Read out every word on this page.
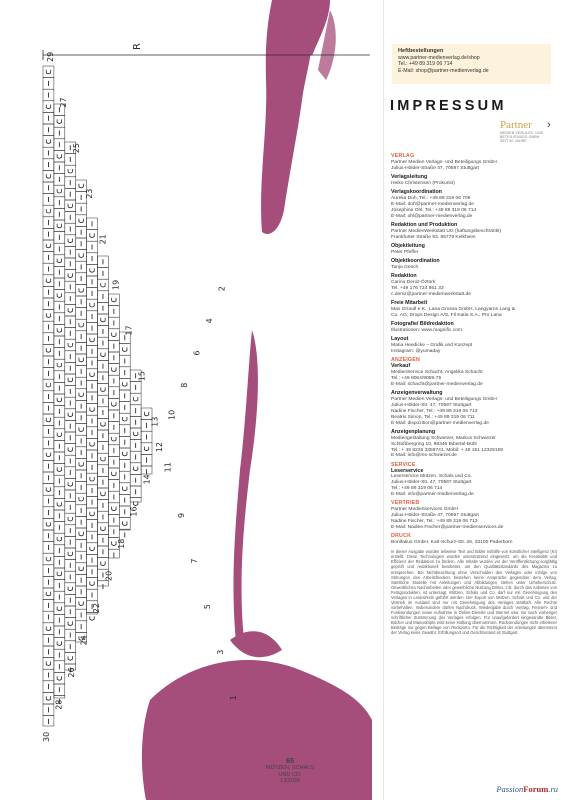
R
29
27
25
23
21
19
17
15
13
11
9
7
5
3
1
30
28
26
24
22
20
18
16
14
12
10
8
6
4
2
Heftbestellungen
www.partner-medienverlag.de/shop
Tel.: +49 89 319 06 714
E-Mail: shop@partner-medienverlag.de
IMPRESSUM
Partner	›
MEDIEN VERLAGS- UND
BETEILIGUNGS GMBH
SEIT 30 JAHRE
VERLAG
Partner Medien Verlags- und Beteiligungs GmbH
Julius-Hölder-Straße 47, 70597 Stuttgart
Verlagsleitung
Heiko Christensen (Prokurist)
Verlagskoordination
Aurelia Doh, Tel.: +49 89 319 06 706
E-Mail: doh@partner-medienverlag.de
Josephine Ohl, Tel.: +49 89 319 06 714
E-Mail: ohl@partner-medienverlag.de
Redaktion und Produktion
Partner MedienWerkstatt UG (haftungsbeschränkt)
Frankfurter Straße 93, 65779 Kelkheim
Objektleitung
Peter Pfeffer
Objektkoordination
Tanja Gesch
Redaktion
Carinu Deniz-Öztürk
Tel. +49 176 724 861 33
c.deniz@partner-medienwerkstatt.de
Freie Mitarbeit
Max Gründl e.K., Lana Grossa GmbH, Langyarns Lang &
Co. AG, Drops Design A/S, Fil Katia S.A., Pro Lana
Fotografie/ Bildredaktion
Illustrationen: www.magnific.com
Layout
Maria Heedicke – Grafik und Konzept
Instagram: @yumaday
ANZEIGEN
Verkauf
MedienService Schacht, Angelika Schacht
Tel.: +49 8064/9059-75
E-Mail: schacht@partner-medienverlag.de
Anzeigenverwaltung
Partner Medien Verlags- und Beteiligungs GmbH
Julius-Hölder-Str. 47, 70597 Stuttgart
Nadine Fischer, Tel.: +49 89 319 06 713
Beatrix Simon, Tel.: +49 89 319 06 711
E-Mail: dispozition@partner-medienverlag.de
Anzeigenplanung
Mediengestaltung Schwiezer, Markus Schwiezer
Schloßbergring 10, 89346 Bibertal-Bühl
Tel.: + 49 8226 3359741, Mobil: + 49 151 12329159
E-Mail: info@ms-schwiezer.de
SERVICE
Leserservice
Leserservice Mützen, Schals und Co.
Julius-Hölder-Str. 47, 70597 Stuttgart
Tel.: +49 89 319 06 714
E-Mail: info@partner-medienverlag.de
VERTRIEB
Partner Medienservices GmbH
Julius-Hölder-Straße 47, 70597 Stuttgart
Nadine Fischer, Tel.: +49 89 319 06 713
E-Mail: Nadine.Fischer@partner-medienservices.de
DRUCK
Bonifatius GmbH, Karl-Schurz-Str. 26, 33100 Paderborn
In dieser Ausgabe wurden teilweise Text und Bilder mithilfe von künstlicher Intelligenz (KI) erstellt. Diese Technologien wurden unterstützend eingesetzt, um die Kreativität und Effizienz der Redaktion zu fördern. Alle Inhalte wurden vor der Veröffentlichung sorgfältig geprüft und redaktionell bearbeitet, um den Qualitätsstandards des Magazins zu entsprechen. Bei Nichtbeachtung ohne Verschulden des Verlages oder infolge von Störungen des Arbeitsfriedens bestehen keine Ansprüche gegenüber dem Verlag. Sämtliche Modelle mit Anleitungen und Abbildungen stehen unter Urheberschutz. Gewerbliches Nacharbeiten oder gewerbliche Nutzung Dritter, z.B. durch das Anbieten von Fertigprodukten, ist untersagt. Mützen, Schals und Co. darf nur mit Genehmigung des Verlages in Lesezirkeln geführt werden. Der Export von Mützen, Schals und Co. und der Vertrieb im Ausland sind nur mit Genehmigung des Verlages statthaft. Alle Rechte vorbehalten. Insbesondere dürfen Nachdruck, Wiedergabe durch Vortrag, Fernseh- und Funksendungen sowie Aufnahme in Online-Dienste und Internet usw. nur nach vorheriger schriftlicher Zustimmung des Verlages erfolgen. Für unaufgefordert eingesandte Bilder, Bücher und Manuskripte wird keine Haftung übernommen. Rücksendungen nicht erbetener Beiträge nur gegen Beilage von Rückporto. Für die Richtigkeit der Anleitungen übernimmt der Verlag keine Gewähr. Erfüllungsort und Gerichtsstand ist Stuttgart.
65
MÜTZEN, SCHALS
UND CO.
13|2026
PassionForum.ru
